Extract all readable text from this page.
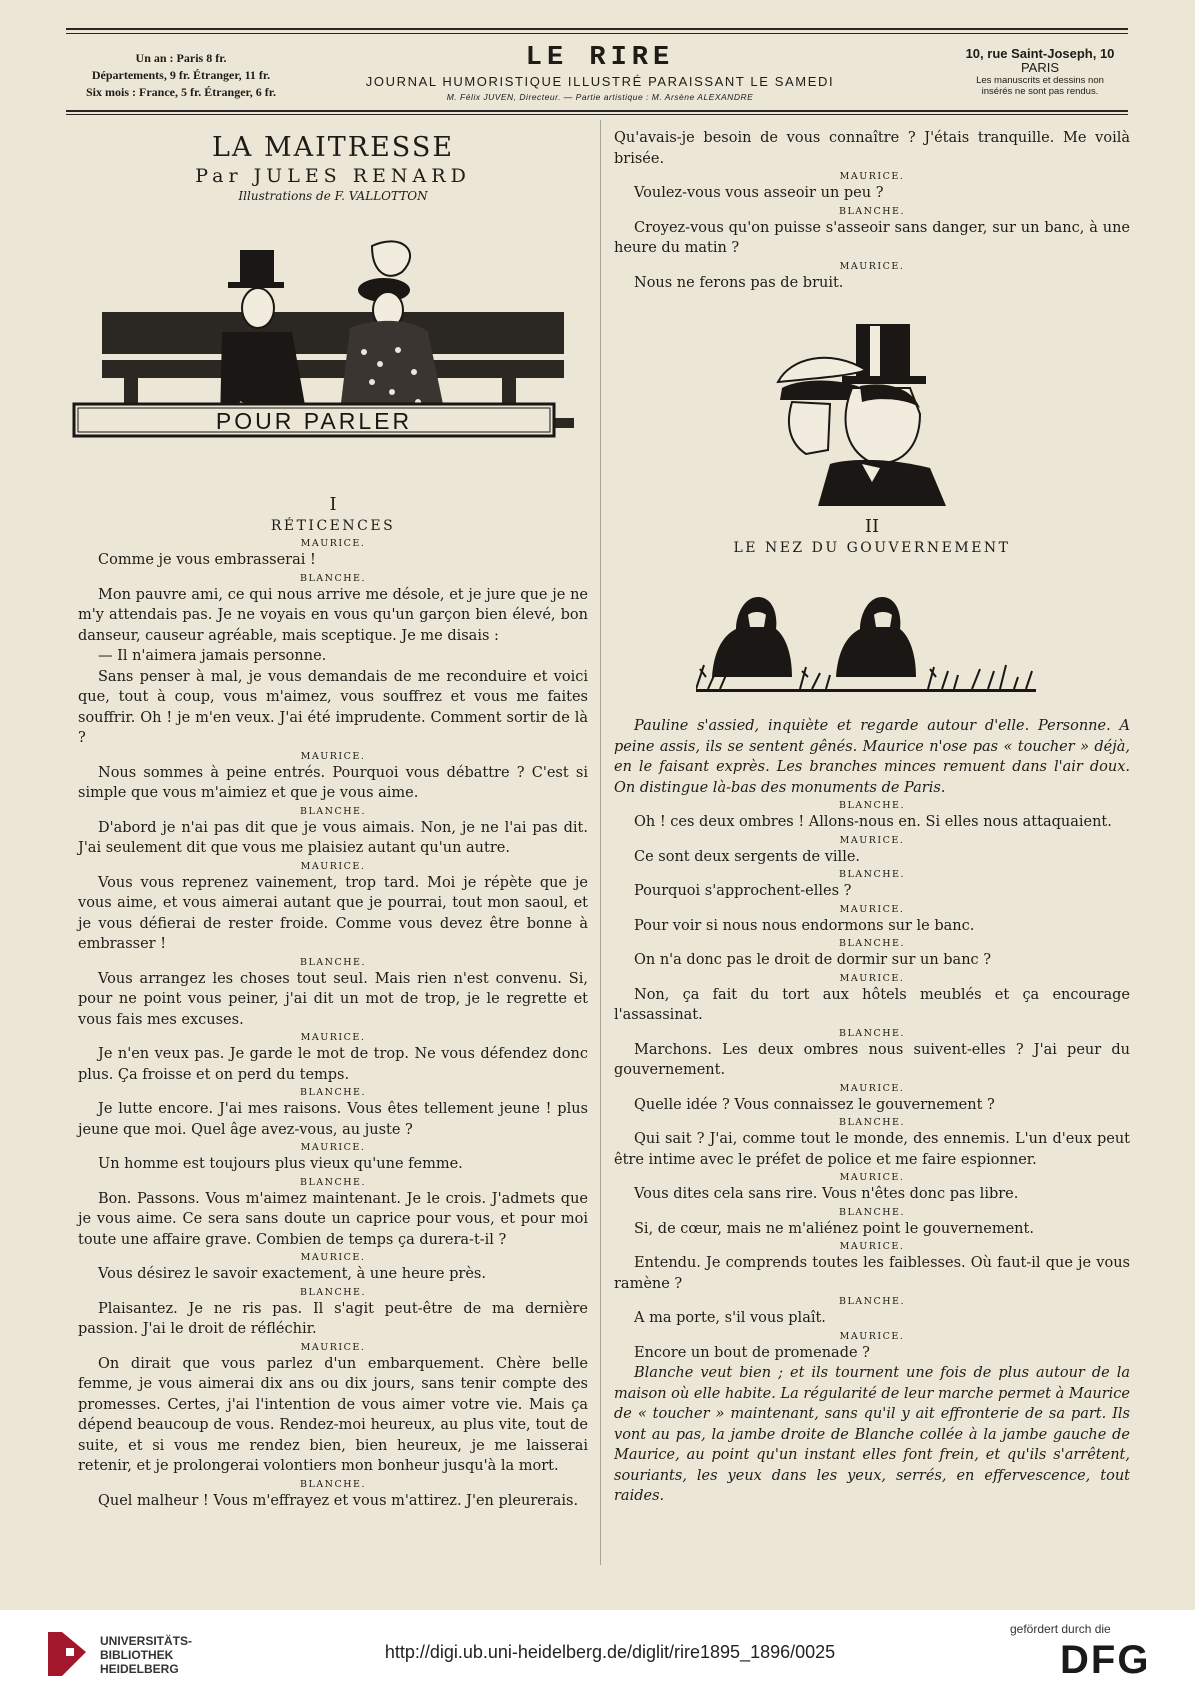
Un an : Paris 8 fr.
Départements, 9 fr. Étranger, 11 fr.
Six mois : France, 5 fr. Étranger, 6 fr.
LE RIRE
JOURNAL HUMORISTIQUE ILLUSTRÉ PARAISSANT LE SAMEDI
M. Félix JUVEN, Directeur. — Partie artistique : M. Arsène ALEXANDRE
10, rue Saint-Joseph, 10
PARIS
Les manuscrits et dessins non
insérés ne sont pas rendus.
LA MAITRESSE
Par JULES RENARD
Illustrations de F. VALLOTTON
POUR PARLER
I
RÉTICENCES
MAURICE.

Comme je vous embrasserai !

BLANCHE.

Mon pauvre ami, ce qui nous arrive me désole, et je jure que je ne m'y attendais pas. Je ne voyais en vous qu'un garçon bien élevé, bon danseur, causeur agréable, mais sceptique. Je me disais :

— Il n'aimera jamais personne.

Sans penser à mal, je vous demandais de me reconduire et voici que, tout à coup, vous m'aimez, vous souffrez et vous me faites souffrir. Oh ! je m'en veux. J'ai été imprudente. Comment sortir de là ?

MAURICE.

Nous sommes à peine entrés. Pourquoi vous débattre ? C'est si simple que vous m'aimiez et que je vous aime.

BLANCHE.

D'abord je n'ai pas dit que je vous aimais. Non, je ne l'ai pas dit. J'ai seulement dit que vous me plaisiez autant qu'un autre.

MAURICE.

Vous vous reprenez vainement, trop tard. Moi je répète que je vous aime, et vous aimerai autant que je pourrai, tout mon saoul, et je vous défierai de rester froide. Comme vous devez être bonne à embrasser !

BLANCHE.

Vous arrangez les choses tout seul. Mais rien n'est convenu. Si, pour ne point vous peiner, j'ai dit un mot de trop, je le regrette et vous fais mes excuses.

MAURICE.

Je n'en veux pas. Je garde le mot de trop. Ne vous défendez donc plus. Ça froisse et on perd du temps.

BLANCHE.

Je lutte encore. J'ai mes raisons. Vous êtes tellement jeune ! plus jeune que moi. Quel âge avez-vous, au juste ?

MAURICE.

Un homme est toujours plus vieux qu'une femme.

BLANCHE.

Bon. Passons. Vous m'aimez maintenant. Je le crois. J'admets que je vous aime. Ce sera sans doute un caprice pour vous, et pour moi toute une affaire grave. Combien de temps ça durera-t-il ?

MAURICE.

Vous désirez le savoir exactement, à une heure près.

BLANCHE.

Plaisantez. Je ne ris pas. Il s'agit peut-être de ma dernière passion. J'ai le droit de réfléchir.

MAURICE.

On dirait que vous parlez d'un embarquement. Chère belle femme, je vous aimerai dix ans ou dix jours, sans tenir compte des promesses. Certes, j'ai l'intention de vous aimer votre vie. Mais ça dépend beaucoup de vous. Rendez-moi heureux, au plus vite, tout de suite, et si vous me rendez bien, bien heureux, je me laisserai retenir, et je prolongerai volontiers mon bonheur jusqu'à la mort.

BLANCHE.

Quel malheur ! Vous m'effrayez et vous m'attirez. J'en pleurerais.

Qu'avais-je besoin de vous connaître ? J'étais tranquille. Me voilà brisée.

MAURICE.

Voulez-vous vous asseoir un peu ?

BLANCHE.

Croyez-vous qu'on puisse s'asseoir sans danger, sur un banc, à une heure du matin ?

MAURICE.

Nous ne ferons pas de bruit.

II
LE NEZ DU GOUVERNEMENT

Pauline s'assied, inquiète et regarde autour d'elle. Personne. A peine assis, ils se sentent gênés. Maurice n'ose pas « toucher » déjà, en le faisant exprès. Les branches minces remuent dans l'air doux. On distingue là-bas des monuments de Paris.

BLANCHE.

Oh ! ces deux ombres ! Allons-nous en. Si elles nous attaquaient.

MAURICE.

Ce sont deux sergents de ville.

BLANCHE.

Pourquoi s'approchent-elles ?

MAURICE.

Pour voir si nous nous endormons sur le banc.

BLANCHE.

On n'a donc pas le droit de dormir sur un banc ?

MAURICE.

Non, ça fait du tort aux hôtels meublés et ça encourage l'assassinat.

BLANCHE.

Marchons. Les deux ombres nous suivent-elles ? J'ai peur du gouvernement.

MAURICE.

Quelle idée ? Vous connaissez le gouvernement ?

BLANCHE.

Qui sait ? J'ai, comme tout le monde, des ennemis. L'un d'eux peut être intime avec le préfet de police et me faire espionner.

MAURICE.

Vous dites cela sans rire. Vous n'êtes donc pas libre.

BLANCHE.

Si, de cœur, mais ne m'aliénez point le gouvernement.

MAURICE.

Entendu. Je comprends toutes les faiblesses. Où faut-il que je vous ramène ?

BLANCHE.

A ma porte, s'il vous plaît.

MAURICE.

Encore un bout de promenade ?

Blanche veut bien ; et ils tournent une fois de plus autour de la maison où elle habite. La régularité de leur marche permet à Maurice de « toucher » maintenant, sans qu'il y ait effronterie de sa part. Ils vont au pas, la jambe droite de Blanche collée à la jambe gauche de Maurice, au point qu'un instant elles font frein, et qu'ils s'arrêtent, souriants, les yeux dans les yeux, serrés, en effervescence, tout raides.

UNIVERSITÄTS-
BIBLIOTHEK
HEIDELBERG
http://digi.ub.uni-heidelberg.de/diglit/rire1895_1896/0025
gefördert durch die
DFG
